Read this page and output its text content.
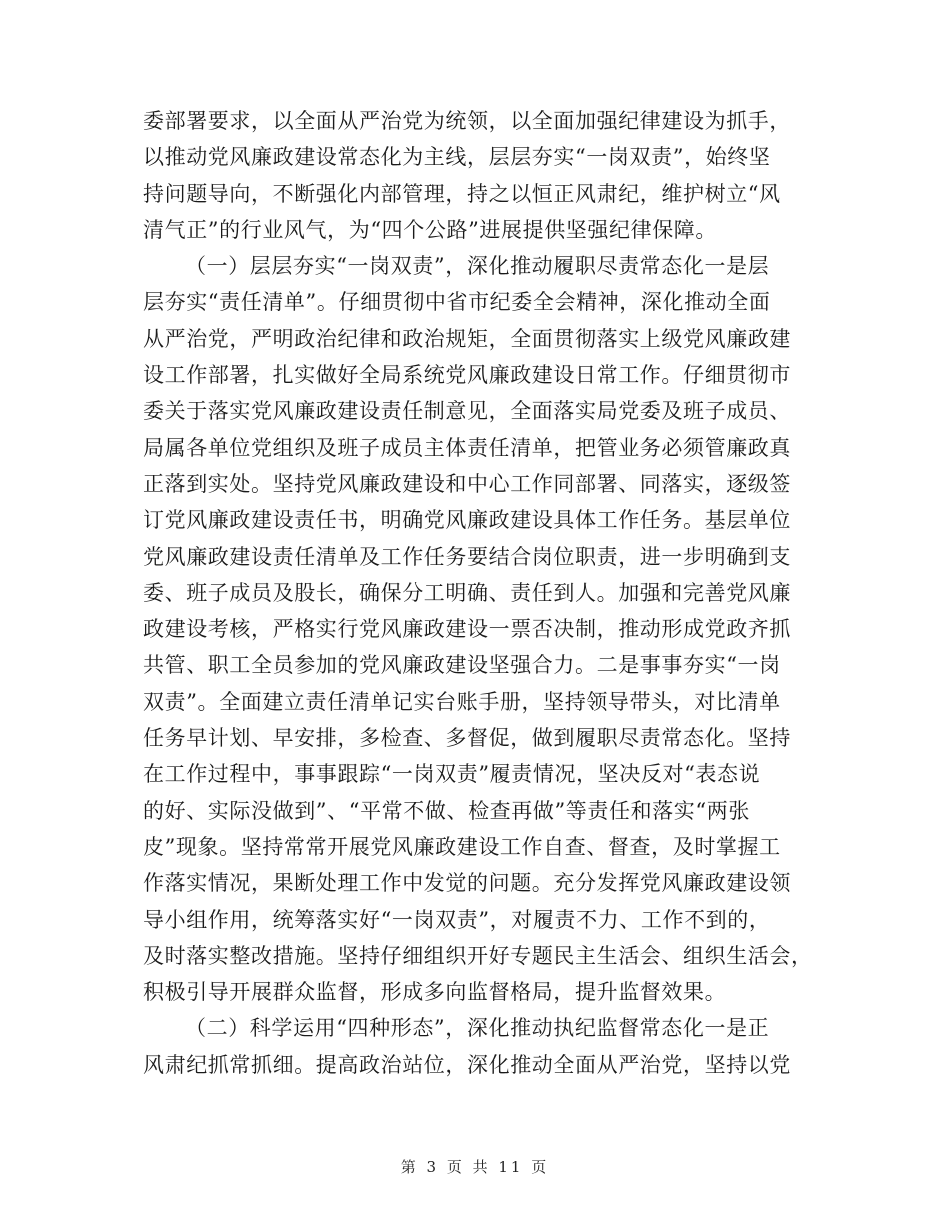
委部署要求，以全面从严治党为统领，以全面加强纪律建设为抓手，
以推动党风廉政建设常态化为主线，层层夯实“一岗双责”，始终坚
持问题导向，不断强化内部管理，持之以恒正风肃纪，维护树立“风
清气正”的行业风气，为“四个公路”进展提供坚强纪律保障。
（一）层层夯实“一岗双责”，深化推动履职尽责常态化一是层
层夯实“责任清单”。仔细贯彻中省市纪委全会精神，深化推动全面
从严治党，严明政治纪律和政治规矩，全面贯彻落实上级党风廉政建
设工作部署，扎实做好全局系统党风廉政建设日常工作。仔细贯彻市
委关于落实党风廉政建设责任制意见，全面落实局党委及班子成员、
局属各单位党组织及班子成员主体责任清单，把管业务必须管廉政真
正落到实处。坚持党风廉政建设和中心工作同部署、同落实，逐级签
订党风廉政建设责任书，明确党风廉政建设具体工作任务。基层单位
党风廉政建设责任清单及工作任务要结合岗位职责，进一步明确到支
委、班子成员及股长，确保分工明确、责任到人。加强和完善党风廉
政建设考核，严格实行党风廉政建设一票否决制，推动形成党政齐抓
共管、职工全员参加的党风廉政建设坚强合力。二是事事夯实“一岗
双责”。全面建立责任清单记实台账手册，坚持领导带头，对比清单
任务早计划、早安排，多检查、多督促，做到履职尽责常态化。坚持
在工作过程中，事事跟踪“一岗双责”履责情况，坚决反对“表态说
的好、实际没做到”、“平常不做、检查再做”等责任和落实“两张
皮”现象。坚持常常开展党风廉政建设工作自查、督查，及时掌握工
作落实情况，果断处理工作中发觉的问题。充分发挥党风廉政建设领
导小组作用，统筹落实好“一岗双责”，对履责不力、工作不到的，
及时落实整改措施。坚持仔细组织开好专题民主生活会、组织生活会，
积极引导开展群众监督，形成多向监督格局，提升监督效果。
（二）科学运用“四种形态”，深化推动执纪监督常态化一是正
风肃纪抓常抓细。提高政治站位，深化推动全面从严治党，坚持以党
第 3 页 共 11 页
